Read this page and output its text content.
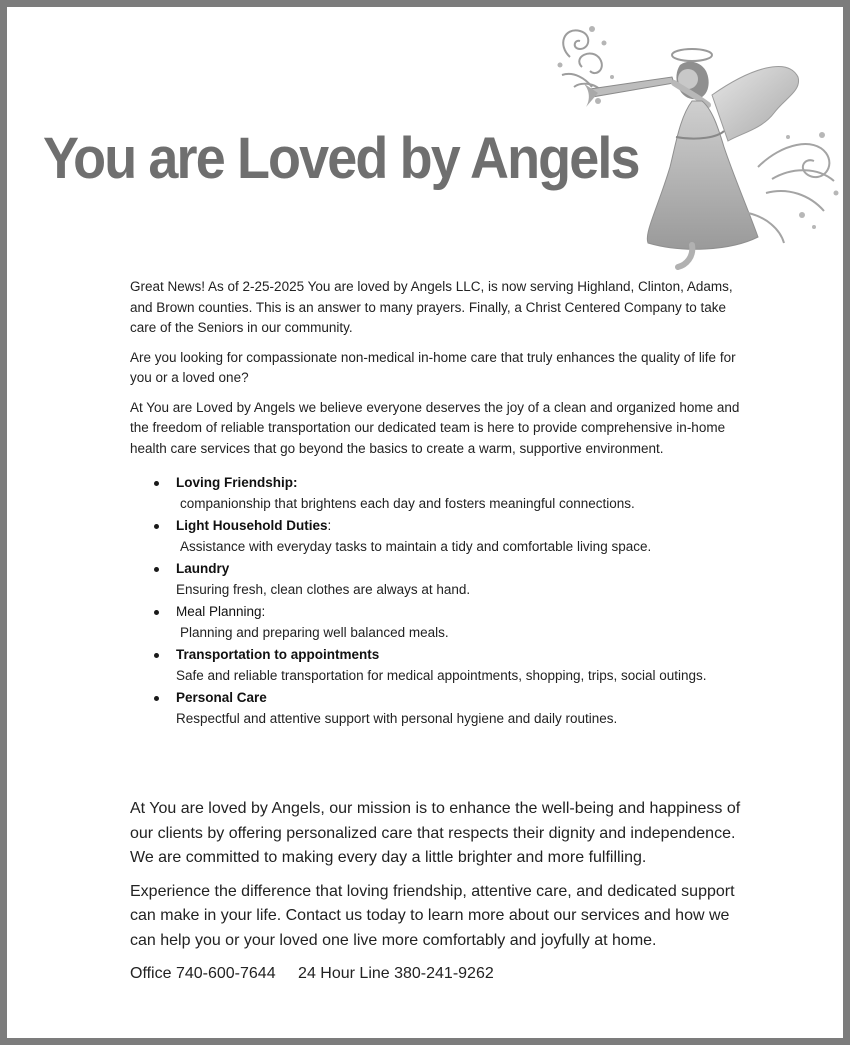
You are Loved by Angels

Great News! As of 2-25-2025 You are loved by Angels LLC, is now serving Highland, Clinton, Adams, and Brown counties. This is an answer to many prayers. Finally, a Christ Centered Company to take care of the Seniors in our community.

Are you looking for compassionate non-medical in-home care that truly enhances the quality of life for you or a loved one?

At You are Loved by Angels we believe everyone deserves the joy of a clean and organized home and the freedom of reliable transportation our dedicated team is here to provide comprehensive in-home health care services that go beyond the basics to create a warm, supportive environment.

Loving Friendship:
companionship that brightens each day and fosters meaningful connections.
Light Household Duties:
Assistance with everyday tasks to maintain a tidy and comfortable living space.
Laundry
Ensuring fresh, clean clothes are always at hand.
Meal Planning:
Planning and preparing well balanced meals.
Transportation to appointments
Safe and reliable transportation for medical appointments, shopping, trips, social outings.
Personal Care
Respectful and attentive support with personal hygiene and daily routines.

At You are loved by Angels, our mission is to enhance the well-being and happiness of our clients by offering personalized care that respects their dignity and independence. We are committed to making every day a little brighter and more fulfilling.

Experience the difference that loving friendship, attentive care, and dedicated support can make in your life. Contact us today to learn more about our services and how we can help you or your loved one live more comfortably and joyfully at home.

Office 740-600-7644 24 Hour Line 380-241-9262
